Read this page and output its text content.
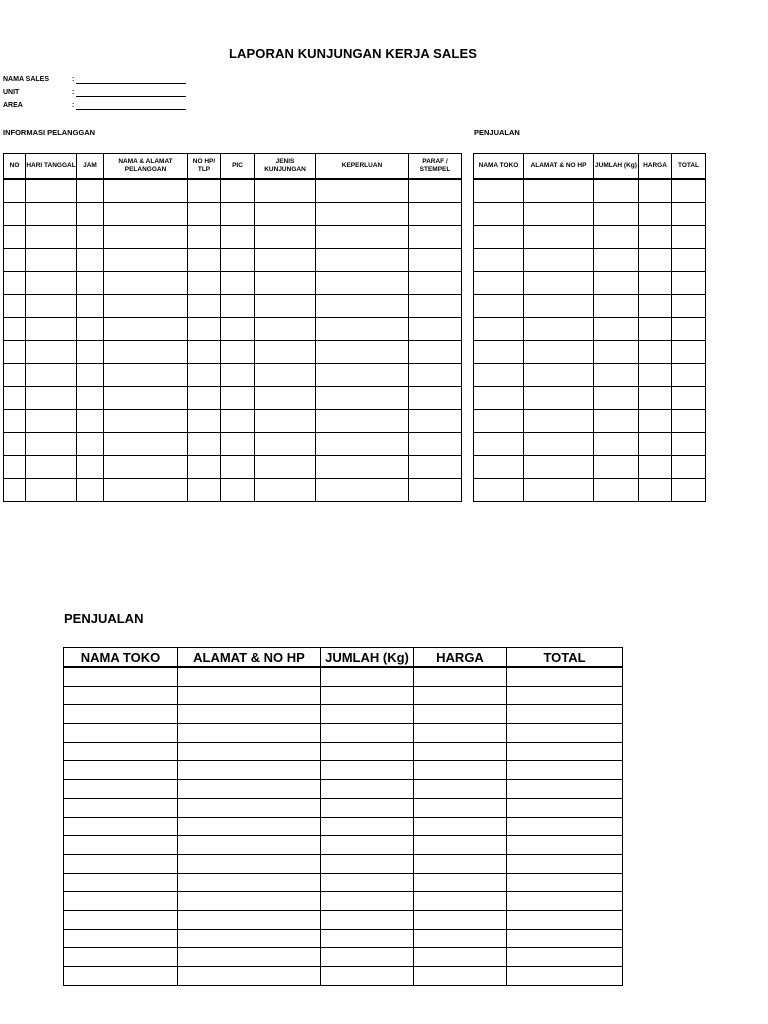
LAPORAN KUNJUNGAN KERJA SALES
NAMA SALES	:
UNIT	:
AREA	:
INFORMASI PELANGGAN	PENJUALAN
NO	HARI TANGGAL	JAM	NAMA & ALAMAT PELANGGAN	NO HP/ TLP	PIC	JENIS KUNJUNGAN	KEPERLUAN	PARAF / STEMPEL

NAMA TOKO	ALAMAT & NO HP	JUMLAH (Kg)	HARGA	TOTAL

PENJUALAN
NAMA TOKO	ALAMAT & NO HP	JUMLAH (Kg)	HARGA	TOTAL
